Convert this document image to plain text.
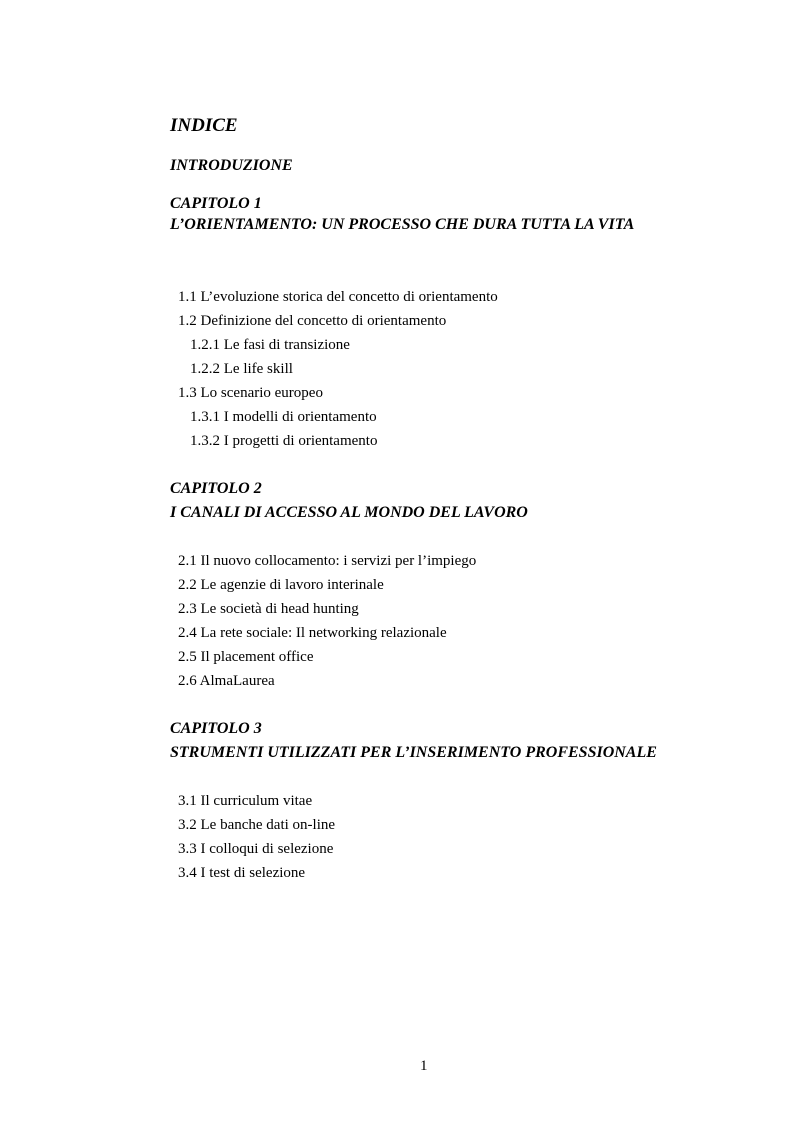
INDICE
INTRODUZIONE
CAPITOLO 1
L’ORIENTAMENTO: UN PROCESSO CHE DURA TUTTA LA VITA
1.1 L’evoluzione storica del concetto di orientamento
1.2 Definizione del concetto di orientamento
1.2.1 Le fasi di transizione
1.2.2 Le life skill
1.3 Lo scenario europeo
1.3.1 I modelli di orientamento
1.3.2 I progetti di orientamento
CAPITOLO 2
I CANALI DI ACCESSO AL MONDO DEL LAVORO
2.1 Il nuovo collocamento: i servizi per l’impiego
2.2 Le agenzie di lavoro interinale
2.3 Le società di head hunting
2.4 La rete sociale: Il networking relazionale
2.5 Il placement office
2.6 AlmaLaurea
CAPITOLO 3
STRUMENTI UTILIZZATI PER L’INSERIMENTO PROFESSIONALE
3.1 Il curriculum vitae
3.2 Le banche dati on-line
3.3 I colloqui di selezione
3.4 I test di selezione
1
